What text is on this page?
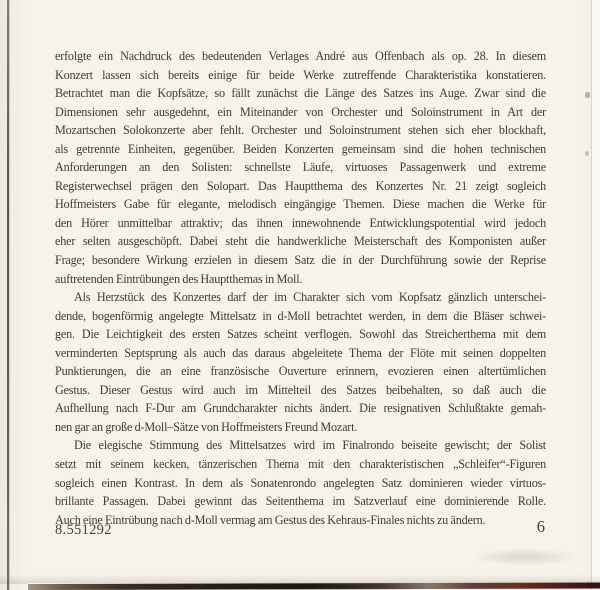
erfolgte ein Nachdruck des bedeutenden Verlages André aus Offenbach als op. 28. In diesem
Konzert lassen sich bereits einige für beide Werke zutreffende Charakteristika konstatieren.
Betrachtet man die Kopfsätze, so fällt zunächst die Länge des Satzes ins Auge. Zwar sind die
Dimensionen sehr ausgedehnt, ein Miteinander von Orchester und Soloinstrument in Art der
Mozartschen Solokonzerte aber fehlt. Orchester und Soloinstrument stehen sich eher blockhaft,
als getrennte Einheiten, gegenüber. Beiden Konzerten gemeinsam sind die hohen technischen
Anforderungen an den Solisten: schnellste Läufe, virtuoses Passagenwerk und extreme
Registerwechsel prägen den Solopart. Das Hauptthema des Konzertes Nr. 21 zeigt sogleich
Hoffmeisters Gabe für elegante, melodisch eingängige Themen. Diese machen die Werke für
den Hörer unmittelbar attraktiv; das ihnen innewohnende Entwicklungspotential wird jedoch
eher selten ausgeschöpft. Dabei steht die handwerkliche Meisterschaft des Komponisten außer
Frage; besondere Wirkung erzielen in diesem Satz die in der Durchführung sowie der Reprise
auftretenden Eintrübungen des Hauptthemas in Moll.
Als Herzstück des Konzertes darf der im Charakter sich vom Kopfsatz gänzlich unterschei-
dende, bogenförmig angelegte Mittelsatz in d-Moll betrachtet werden, in dem die Bläser schwei-
gen. Die Leichtigkeit des ersten Satzes scheint verflogen. Sowohl das Streicherthema mit dem
verminderten Septsprung als auch das daraus abgeleitete Thema der Flöte mit seinen doppelten
Punktierungen, die an eine französische Ouverture erinnern, evozieren einen altertümlichen
Gestus. Dieser Gestus wird auch im Mittelteil des Satzes beibehalten, so daß auch die
Aufhellung nach F-Dur am Grundcharakter nichts ändert. Die resignativen Schlußtakte gemah-
nen gar an große d-Moll–Sätze von Hoffmeisters Freund Mozart.
Die elegische Stimmung des Mittelsatzes wird im Finalrondo beiseite gewischt; der Solist
setzt mit seinem kecken, tänzerischen Thema mit den charakteristischen „Schleifer“-Figuren
sogleich einen Kontrast. In dem als Sonatenrondo angelegten Satz dominieren wieder virtuos-
brillante Passagen. Dabei gewinnt das Seitenthema im Satzverlauf eine dominierende Rolle.
Auch eine Eintrübung nach d-Moll vermag am Gestus des Kehraus-Finales nichts zu ändern.
8.551292	6
